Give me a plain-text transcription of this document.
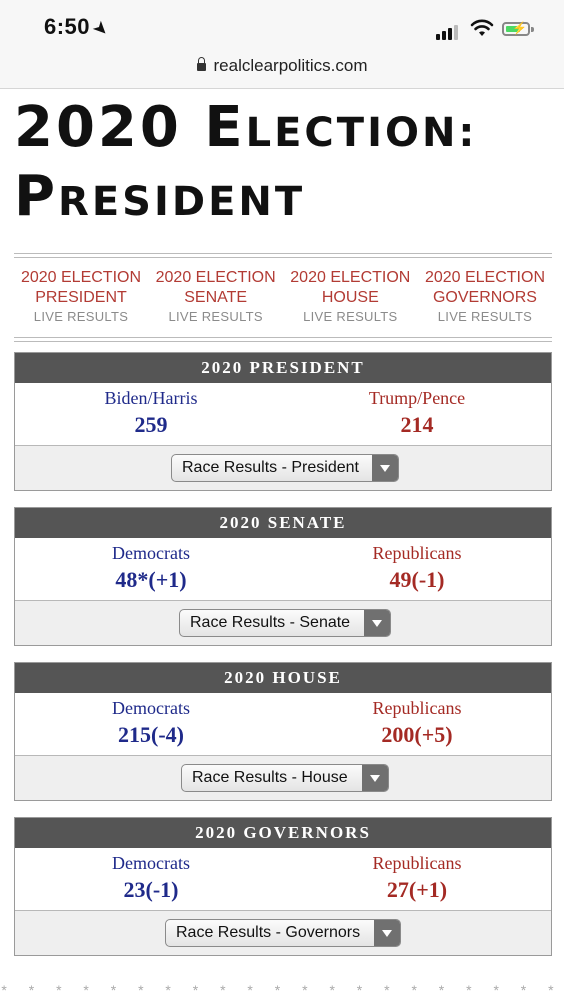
6:50➤	⚡
realclearpolitics.com
2020 ELECTION:
PRESIDENT
2020 ELECTION
PRESIDENT
LIVE RESULTS
2020 ELECTION
SENATE
LIVE RESULTS
2020 ELECTION
HOUSE
LIVE RESULTS
2020 ELECTION
GOVERNORS
LIVE RESULTS
2020 PRESIDENT
Biden/Harris
259
Trump/Pence
214
Race Results - President
2020 SENATE
Democrats
48*(+1)
Republicans
49(-1)
Race Results - Senate
2020 HOUSE
Democrats
215(-4)
Republicans
200(+5)
Race Results - House
2020 GOVERNORS
Democrats
23(-1)
Republicans
27(+1)
Race Results - Governors
* * * * * * * * * * * * * * * * * * * * *
